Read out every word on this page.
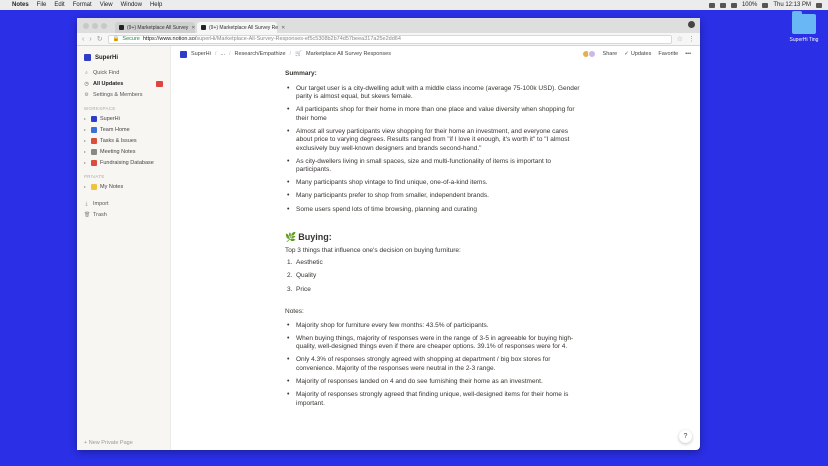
Notes File Edit Format View Window Help	100%	Thu 12:13 PM
SuperHi Ting
(9+) Marketplace All Survey ✕	(9+) Marketplace All Survey Re ✕
‹ › ↻ 🔒 Secure https://www.notion.so/ superHi/Marketplace-All-Survey-Responses-ef5c5308b2b74d57beea317a25e2dd64	☆ ⋮
SuperHi
⌕ Quick Find
◷ All Updates
⚙ Settings & Members
WORKSPACE
▸	SuperHi
▸	Team Home
▸	Tasks & Issues
▸	Meeting Notes
▸	Fundraising Database
PRIVATE
▸	My Notes
⤓ Import
🗑 Trash
+ New Private Page
SuperHi / ... / Research/Empathize / 🛒 Marketplace All Survey Responses	Share ✓ Updates Favorite •••
Summary:
• Our target user is a city-dwelling adult with a middle class income (average 75-100k USD). Gender parity is almost equal, but skews female.
• All participants shop for their home in more than one place and value diversity when shopping for their home
• Almost all survey participants view shopping for their home an investment, and everyone cares about price to varying degrees. Results ranged from "if I love it enough, it's worth it" to "I almost exclusively buy well-known designers and brands second-hand."
• As city-dwellers living in small spaces, size and multi-functionality of items is important to participants.
• Many participants shop vintage to find unique, one-of-a-kind items.
• Many participants prefer to shop from smaller, independent brands.
• Some users spend lots of time browsing, planning and curating
🌿 Buying:
Top 3 things that influence one's decision on buying furniture:
1. Aesthetic
2. Quality
3. Price
Notes:
• Majority shop for furniture every few months: 43.5% of participants.
• When buying things, majority of responses were in the range of 3-5 in agreeable for buying high-quality, well-designed things even if there are cheaper options. 39.1% of responses were for 4.
• Only 4.3% of responses strongly agreed with shopping at department / big box stores for convenience. Majority of the responses were neutral in the 2-3 range.
• Majority of responses landed on 4 and do see furnishing their home as an investment.
• Majority of responses strongly agreed that finding unique, well-designed items for their home is important.
?
